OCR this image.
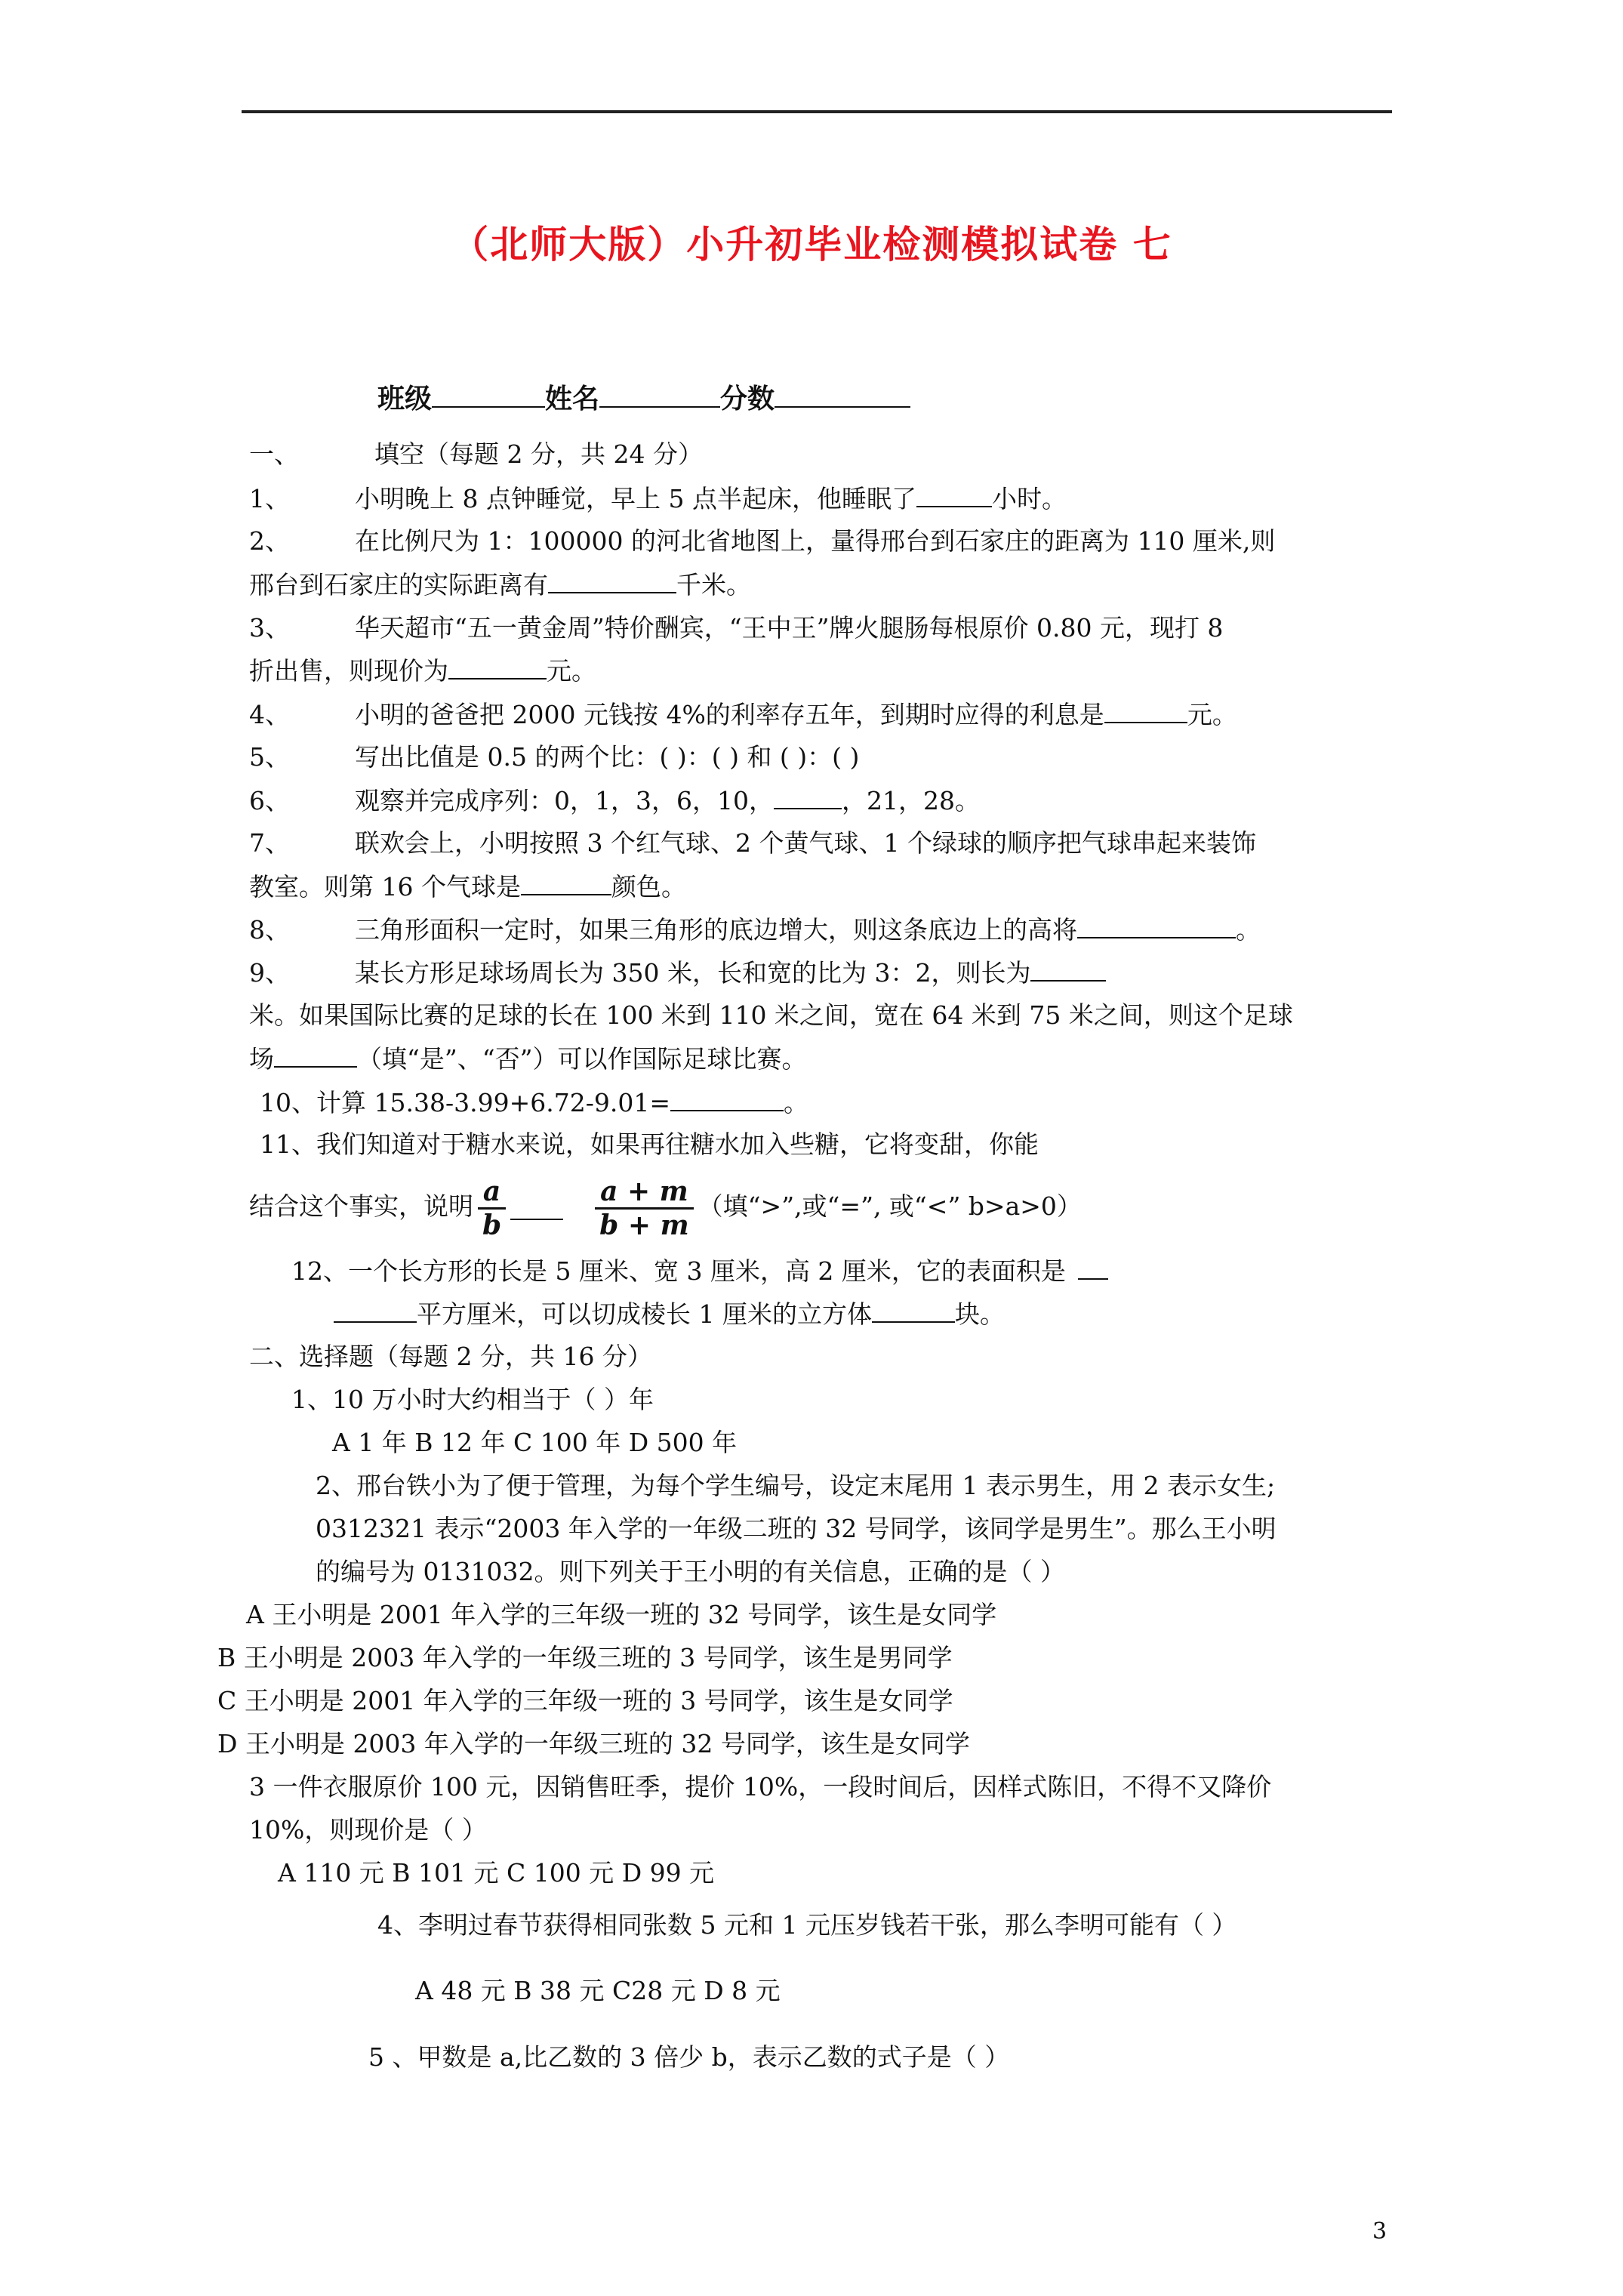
（北师大版）小升初毕业检测模拟试卷 七
班级	姓名	分数
一、	填空（每题 2 分，共 24 分）
1、	小明晚上 8 点钟睡觉，早上 5 点半起床，他睡眠了	小时。
2、	在比例尺为 1：100000 的河北省地图上，量得邢台到石家庄的距离为 110 厘米,则
邢台到石家庄的实际距离有	千米。
3、	华天超市“五一黄金周”特价酬宾，“王中王”牌火腿肠每根原价 0.80 元，现打 8
折出售，则现价为	元。
4、	小明的爸爸把 2000 元钱按 4%的利率存五年，到期时应得的利息是	元。
5、	写出比值是 0.5 的两个比：( )：( ) 和 ( )：( )
6、	观察并完成序列：0，1，3，6，10，	，21，28。
7、	联欢会上，小明按照 3 个红气球、2 个黄气球、1 个绿球的顺序把气球串起来装饰
教室。则第 16 个气球是	颜色。
8、	三角形面积一定时，如果三角形的底边增大，则这条底边上的高将	。
9、	某长方形足球场周长为 350 米，长和宽的比为 3：2，则长为
米。如果国际比赛的足球的长在 100 米到 110 米之间，宽在 64 米到 75 米之间，则这个足球
场	（填“是”、“否”）可以作国际足球比赛。
10、计算 15.38-3.99+6.72-9.01=	。
11、我们知道对于糖水来说，如果再往糖水加入些糖，它将变甜，你能
结合这个事实，说明 $\frac{a}{b}$	$\frac{a + m}{b + m}$ （填“>”,或“=”, 或“<” b>a>0）
12、一个长方形的长是 5 厘米、宽 3 厘米，高 2 厘米，它的表面积是
平方厘米，可以切成棱长 1 厘米的立方体	块。
二、选择题（每题 2 分，共 16 分）
1、10 万小时大约相当于（ ）年
A 1 年 B 12 年 C 100 年 D 500 年
2、邢台铁小为了便于管理，为每个学生编号，设定末尾用 1 表示男生，用 2 表示女生;
0312321 表示“2003 年入学的一年级二班的 32 号同学，该同学是男生”。那么王小明
的编号为 0131032。则下列关于王小明的有关信息，正确的是（ ）
A 王小明是 2001 年入学的三年级一班的 32 号同学，该生是女同学
B 王小明是 2003 年入学的一年级三班的 3 号同学，该生是男同学
C 王小明是 2001 年入学的三年级一班的 3 号同学，该生是女同学
D 王小明是 2003 年入学的一年级三班的 32 号同学，该生是女同学
3 一件衣服原价 100 元，因销售旺季，提价 10%，一段时间后，因样式陈旧，不得不又降价
10%，则现价是（ ）
A 110 元 B 101 元 C 100 元 D 99 元
4、李明过春节获得相同张数 5 元和 1 元压岁钱若干张，那么李明可能有（ ）
A 48 元 B 38 元 C28 元 D 8 元
5 、甲数是 a,比乙数的 3 倍少 b，表示乙数的式子是（ ）
3
